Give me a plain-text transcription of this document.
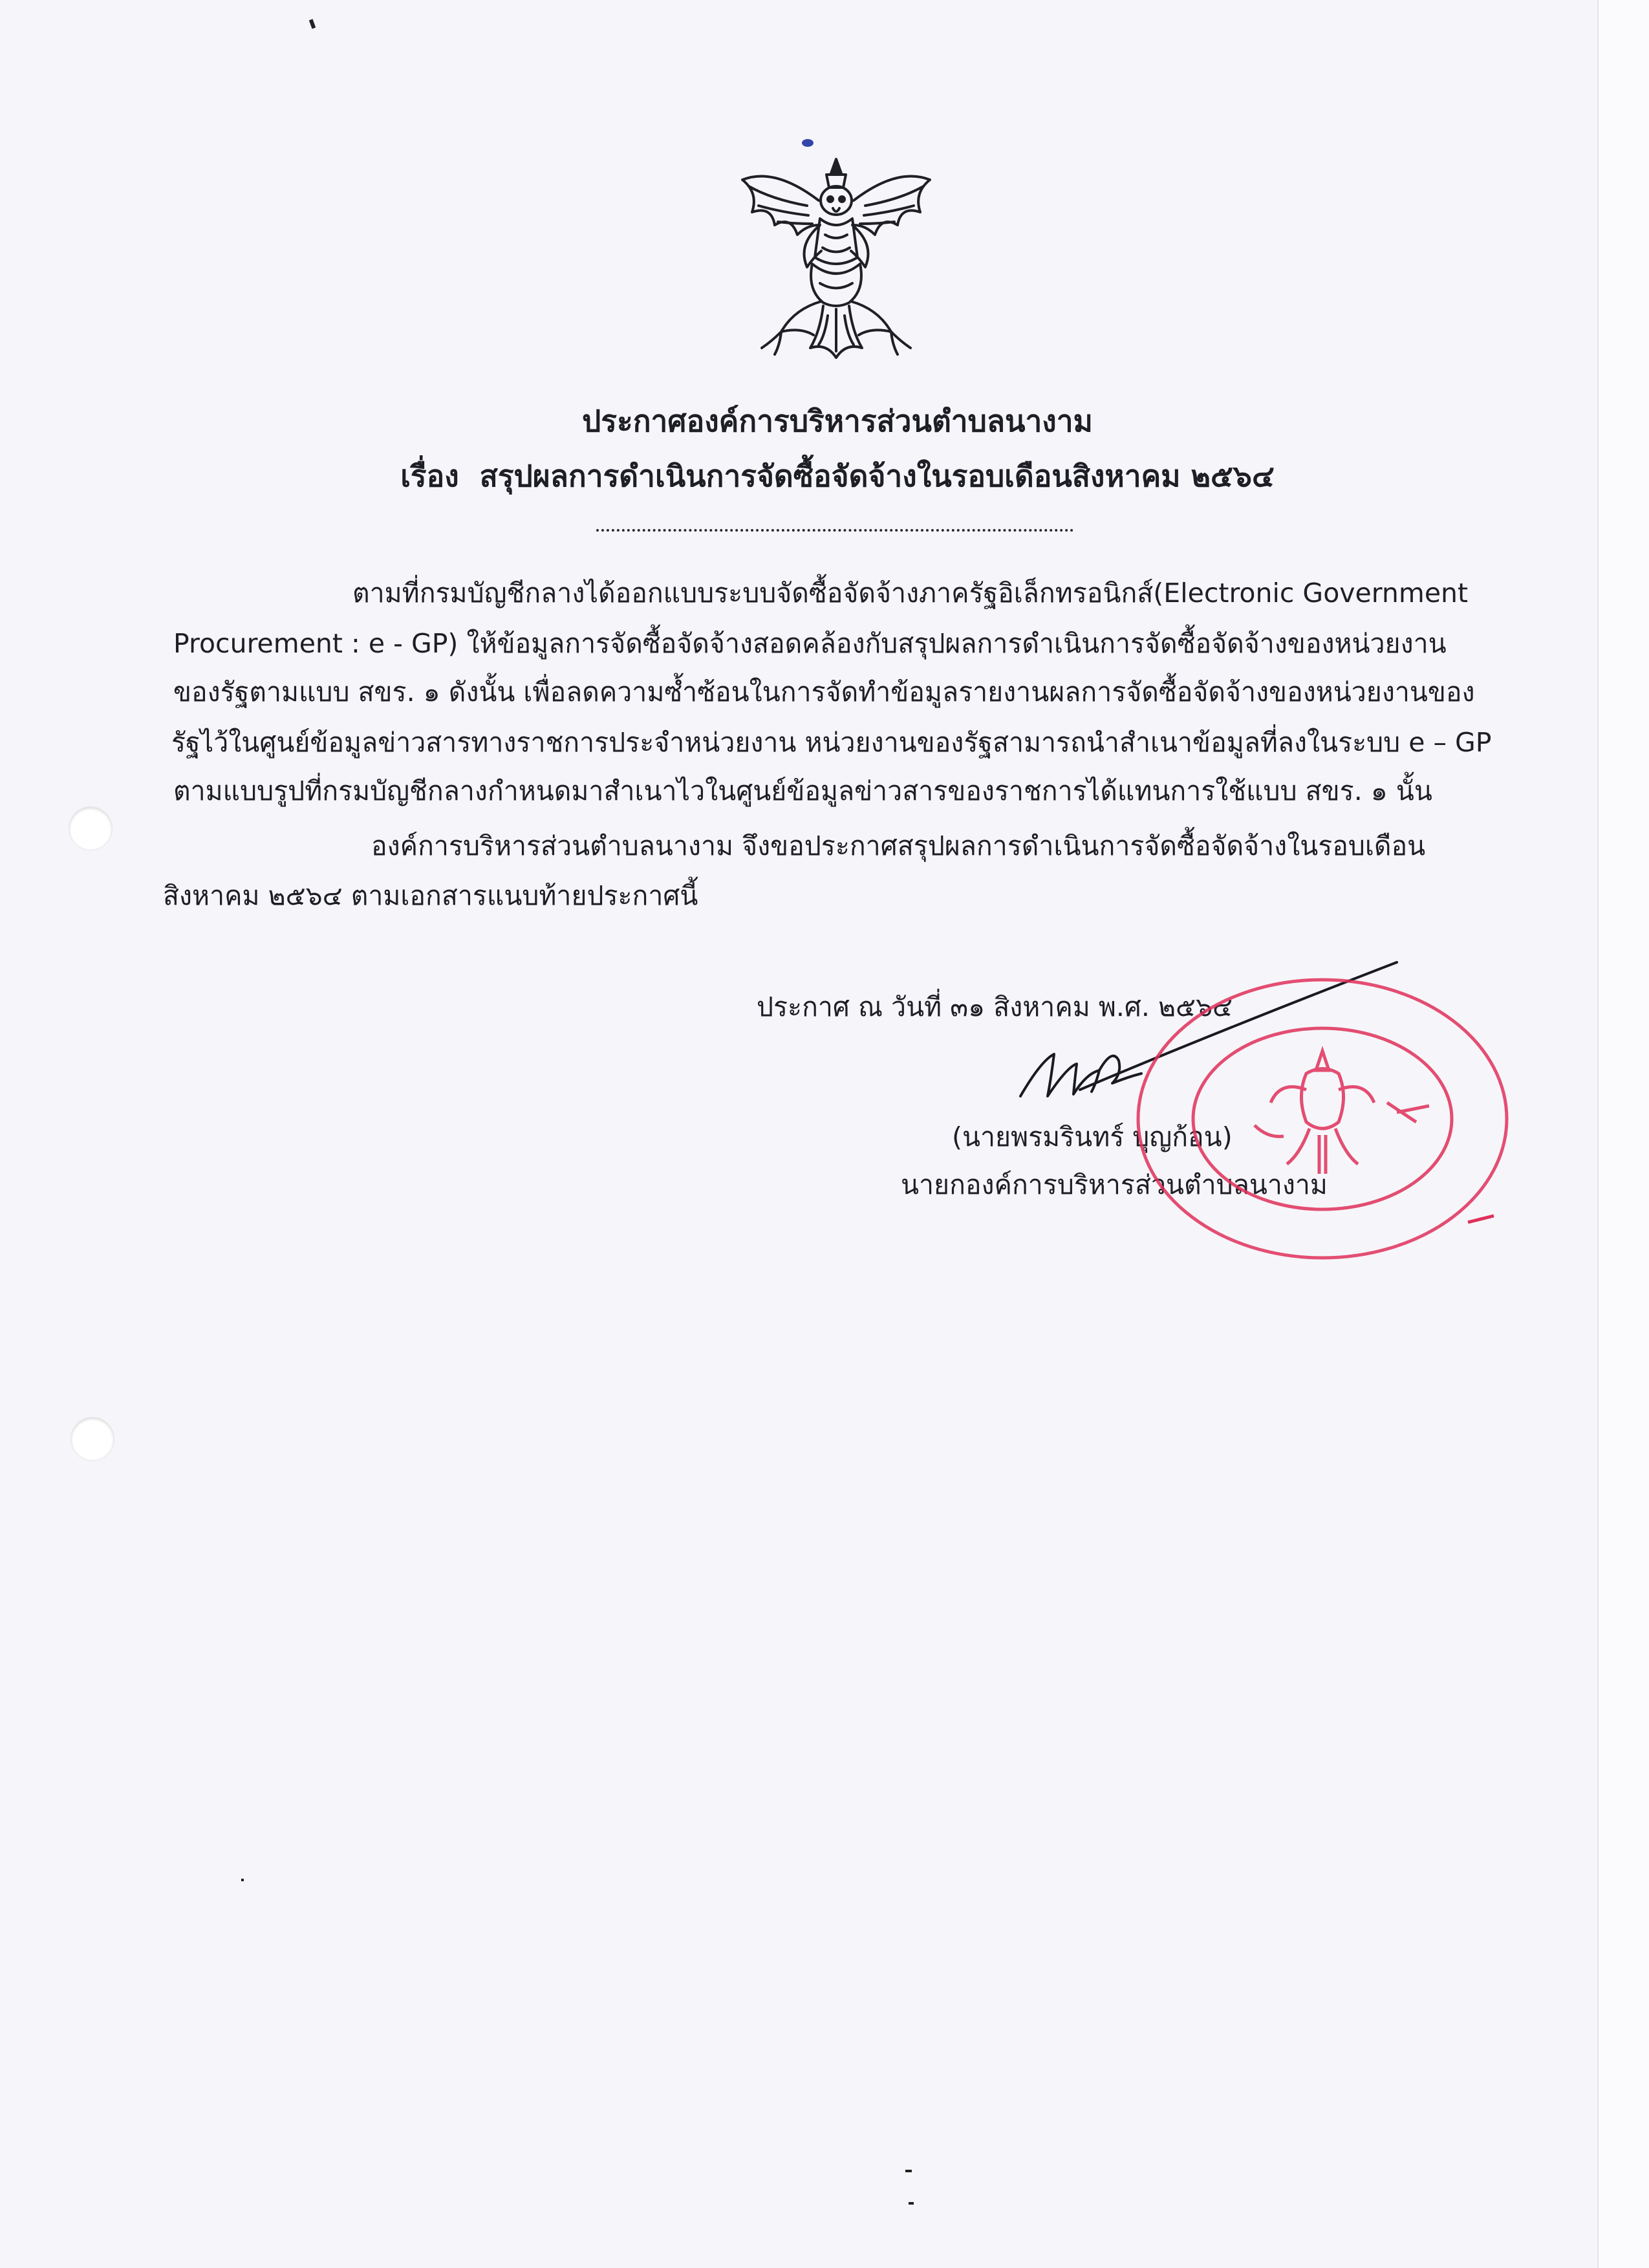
ประกาศองค์การบริหารส่วนตำบลนางาม
เรื่อง สรุปผลการดำเนินการจัดซื้อจัดจ้างในรอบเดือนสิงหาคม ๒๕๖๔
ตามที่กรมบัญชีกลางได้ออกแบบระบบจัดซื้อจัดจ้างภาครัฐอิเล็กทรอนิกส์(Electronic Government
Procurement : e - GP) ให้ข้อมูลการจัดซื้อจัดจ้างสอดคล้องกับสรุปผลการดำเนินการจัดซื้อจัดจ้างของหน่วยงาน
ของรัฐตามแบบ สขร. ๑ ดังนั้น เพื่อลดความซ้ำซ้อนในการจัดทำข้อมูลรายงานผลการจัดซื้อจัดจ้างของหน่วยงานของ
รัฐไว้ในศูนย์ข้อมูลข่าวสารทางราชการประจำหน่วยงาน หน่วยงานของรัฐสามารถนำสำเนาข้อมูลที่ลงในระบบ e – GP
ตามแบบรูปที่กรมบัญชีกลางกำหนดมาสำเนาไวในศูนย์ข้อมูลข่าวสารของราชการได้แทนการใช้แบบ สขร. ๑ นั้น
องค์การบริหารส่วนตำบลนางาม จึงขอประกาศสรุปผลการดำเนินการจัดซื้อจัดจ้างในรอบเดือน
สิงหาคม ๒๕๖๔ ตามเอกสารแนบท้ายประกาศนี้
ประกาศ ณ วันที่ ๓๑ สิงหาคม พ.ศ. ๒๕๖๔
(นายพรมรินทร์ บุญก้อน)
นายกองค์การบริหารส่วนตำบลนางาม
